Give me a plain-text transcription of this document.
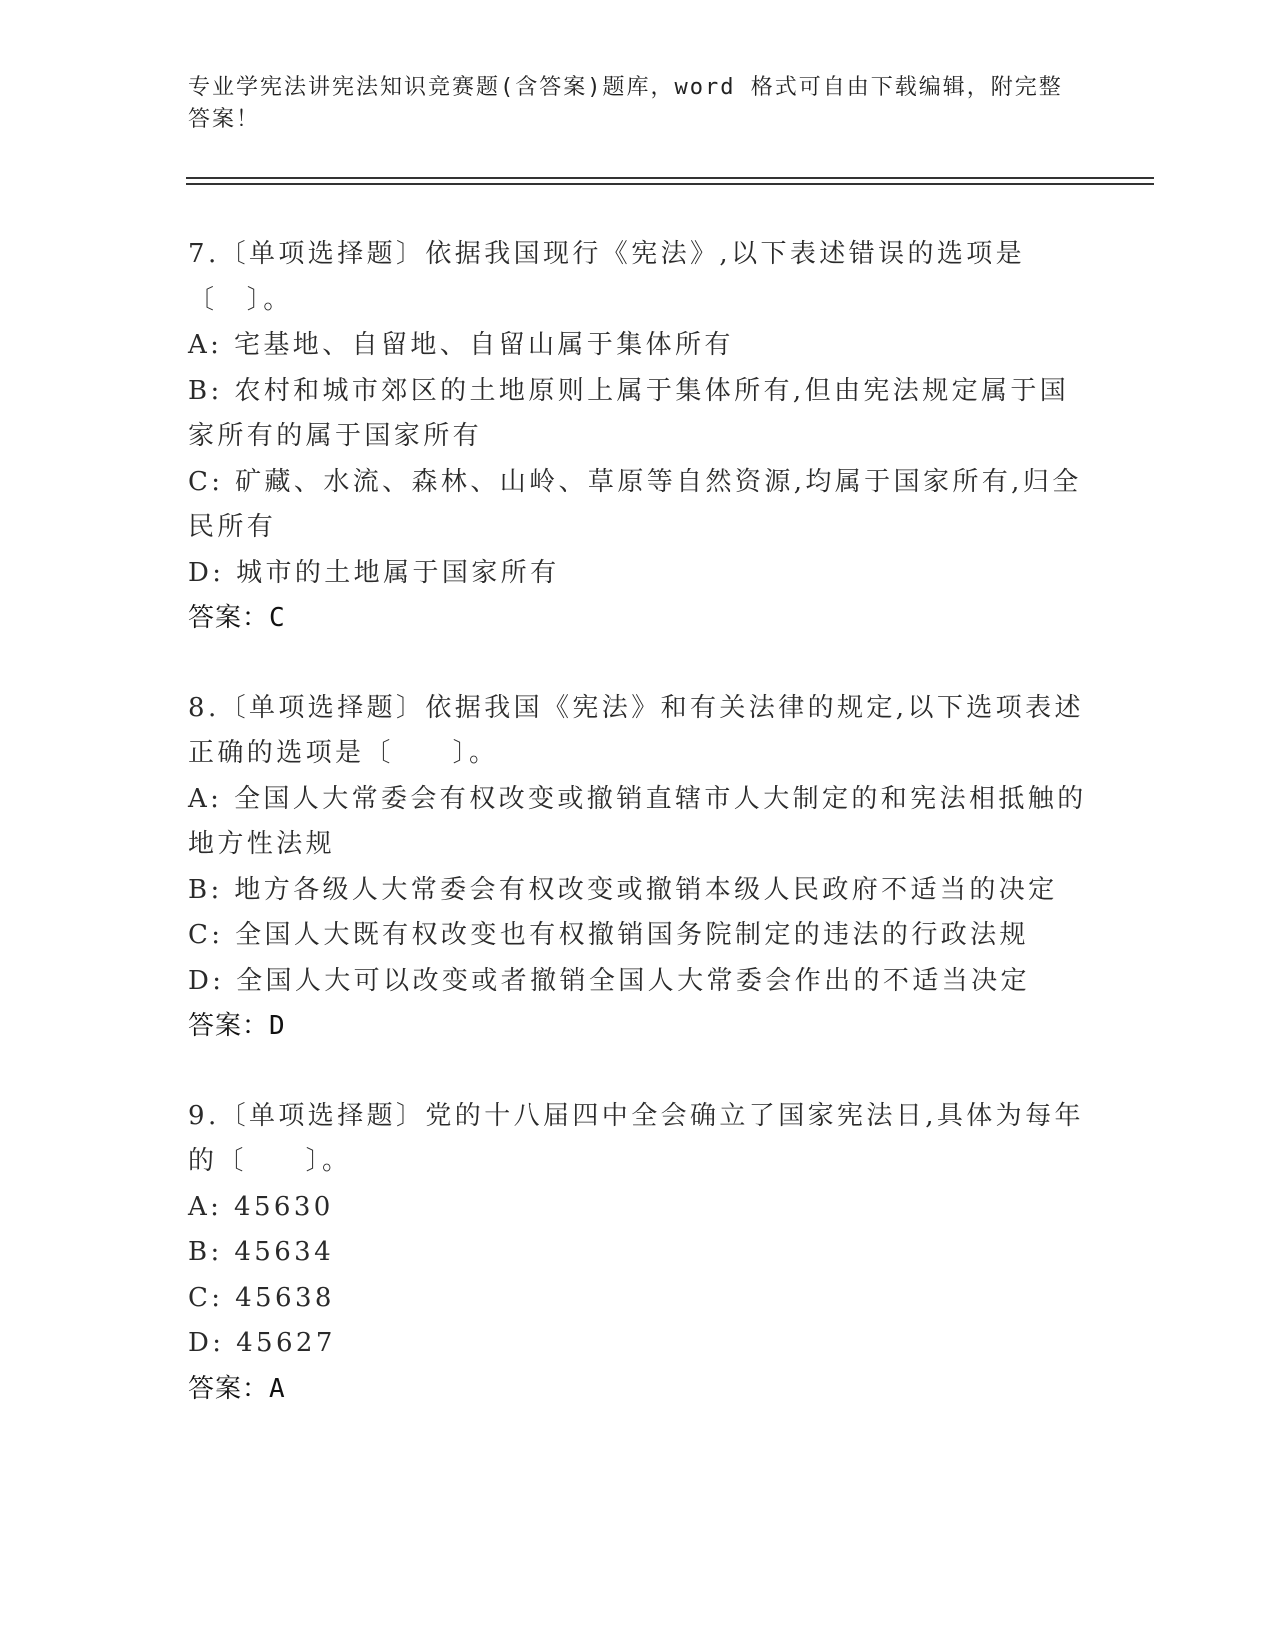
专业学宪法讲宪法知识竞赛题(含答案)题库，word 格式可自由下载编辑，附完整答案！
7.〔单项选择题〕依据我国现行《宪法》,以下表述错误的选项是〔　〕。
A: 宅基地、自留地、自留山属于集体所有
B: 农村和城市郊区的土地原则上属于集体所有,但由宪法规定属于国家所有的属于国家所有
C: 矿藏、水流、森林、山岭、草原等自然资源,均属于国家所有,归全民所有
D: 城市的土地属于国家所有
答案：C
8.〔单项选择题〕依据我国《宪法》和有关法律的规定,以下选项表述正确的选项是〔　　〕。
A: 全国人大常委会有权改变或撤销直辖市人大制定的和宪法相抵触的地方性法规
B: 地方各级人大常委会有权改变或撤销本级人民政府不适当的决定
C: 全国人大既有权改变也有权撤销国务院制定的违法的行政法规
D: 全国人大可以改变或者撤销全国人大常委会作出的不适当决定
答案：D
9.〔单项选择题〕党的十八届四中全会确立了国家宪法日,具体为每年的〔　　〕。
A: 45630
B: 45634
C: 45638
D: 45627
答案：A
